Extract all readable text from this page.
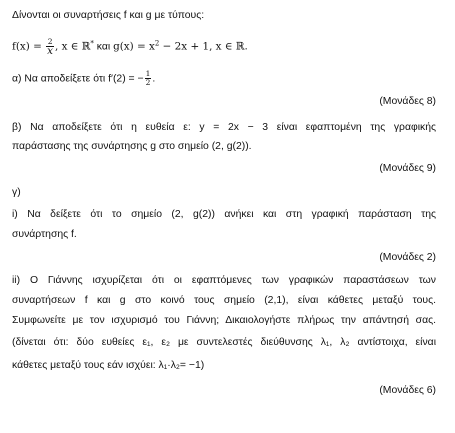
Δίνονται οι συναρτήσεις f και g με τύπους:
$f(x) = \frac{2}{x}$ , x ∈ ℝ* και $g(x) = x^2 - 2x + 1$, x ∈ ℝ.
α) Να αποδείξετε ότι f′(2) = − $\frac{1}{2}$ .
(Μονάδες 8)
β) Να αποδείξετε ότι η ευθεία ε: y = 2x − 3 είναι εφαπτομένη της γραφικής
παράστασης της συνάρτησης g στο σημείο (2, g(2)).
(Μονάδες 9)
γ)
i) Να δείξετε ότι το σημείο (2, g(2)) ανήκει και στη γραφική παράσταση της
συνάρτησης f.
(Μονάδες 2)
ii) Ο Γιάννης ισχυρίζεται ότι οι εφαπτόμενες των γραφικών παραστάσεων των
συναρτήσεων f και g στο κοινό τους σημείο (2,1), είναι κάθετες μεταξύ τους.
Συμφωνείτε με τον ισχυρισμό του Γιάννη; Δικαιολογήστε πλήρως την απάντησή σας.
(δίνεται ότι: δύο ευθείες ε₁, ε₂ με συντελεστές διεύθυνσης λ₁, λ₂ αντίστοιχα, είναι
κάθετες μεταξύ τους εάν ισχύει: λ₁·λ₂= −1)
(Μονάδες 6)
